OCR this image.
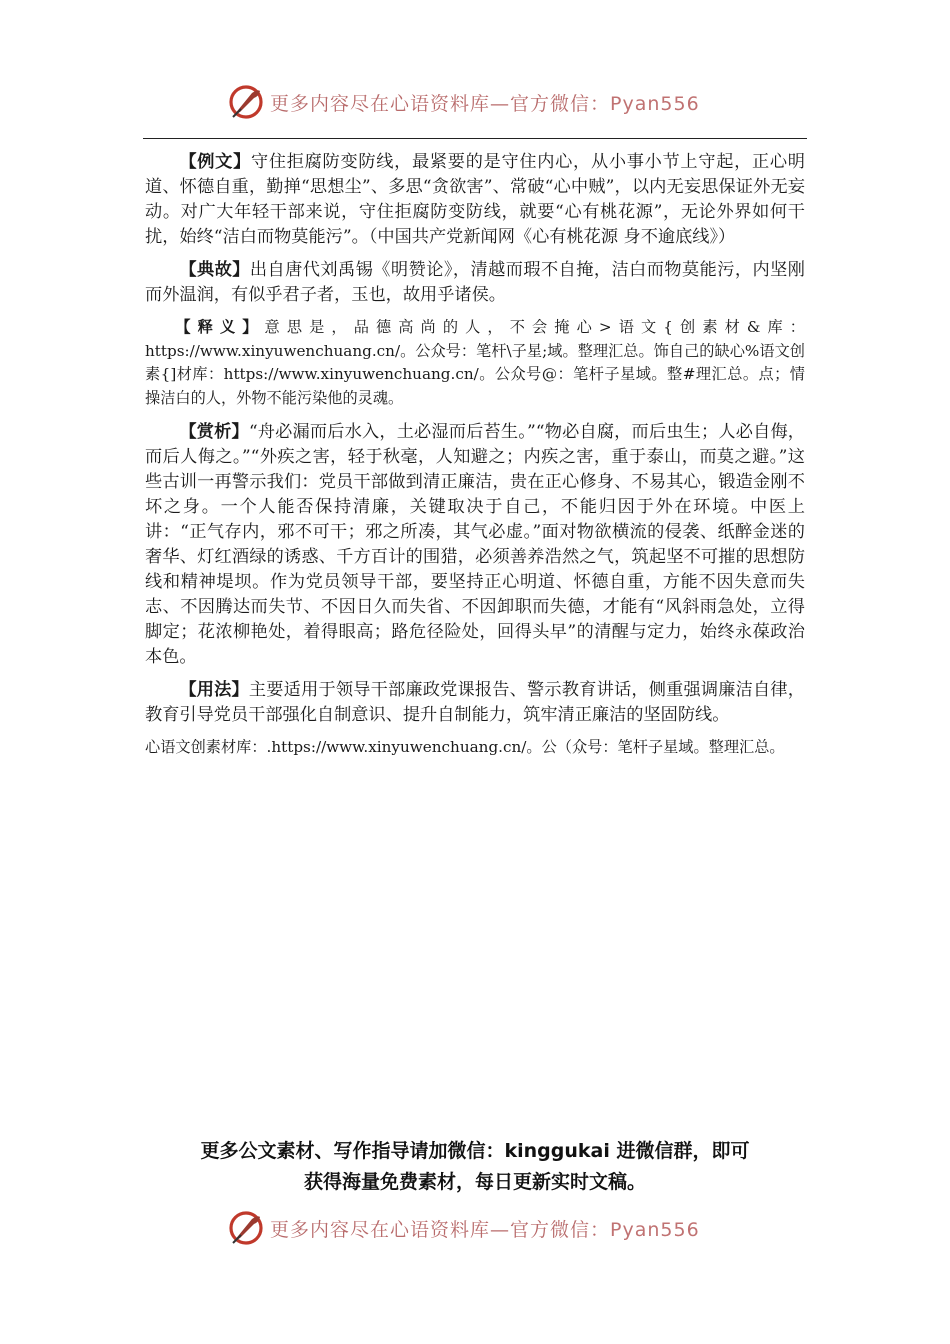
更多内容尽在心语资料库—官方微信：Pyan556

【例文】守住拒腐防变防线，最紧要的是守住内心，从小事小节上守起，正心明道、怀德自重，勤掸“思想尘”、多思“贪欲害”、常破“心中贼”，以内无妄思保证外无妄动。对广大年轻干部来说，守住拒腐防变防线，就要“心有桃花源”，无论外界如何干扰，始终“洁白而物莫能污”。（中国共产党新闻网《心有桃花源 身不逾底线》）

【典故】出自唐代刘禹锡《明赞论》，清越而瑕不自掩，洁白而物莫能污，内坚刚而外温润，有似乎君子者，玉也，故用乎诸侯。

【释义】意思是，品德高尚的人，不会掩心>语文{创素材&库：https://www.xinyuwenchuang.cn/。公众号：笔杆\子星;域。整理汇总。饰自己的缺心%语文创素{]材库：https://www.xinyuwenchuang.cn/。公众号@：笔杆子星域。整#理汇总。点；情操洁白的人，外物不能污染他的灵魂。

【赏析】“舟必漏而后水入，土必湿而后苔生。”“物必自腐，而后虫生；人必自侮，而后人侮之。”“外疾之害，轻于秋毫，人知避之；内疾之害，重于泰山，而莫之避。”这些古训一再警示我们：党员干部做到清正廉洁，贵在正心修身、不易其心，锻造金刚不坏之身。一个人能否保持清廉，关键取决于自己，不能归因于外在环境。中医上讲：“正气存内，邪不可干；邪之所凑，其气必虚。”面对物欲横流的侵袭、纸醉金迷的奢华、灯红酒绿的诱惑、千方百计的围猎，必须善养浩然之气，筑起坚不可摧的思想防线和精神堤坝。作为党员领导干部，要坚持正心明道、怀德自重，方能不因失意而失志、不因腾达而失节、不因日久而失省、不因卸职而失德，才能有“风斜雨急处，立得脚定；花浓柳艳处，着得眼高；路危径险处，回得头早”的清醒与定力，始终永葆政治本色。

【用法】主要适用于领导干部廉政党课报告、警示教育讲话，侧重强调廉洁自律，教育引导党员干部强化自制意识、提升自制能力，筑牢清正廉洁的坚固防线。

心语文创素材库：.https://www.xinyuwenchuang.cn/。公（众号：笔杆子星域。整理汇总。

更多公文素材、写作指导请加微信：kinggukai 进微信群，即可
获得海量免费素材，每日更新实时文稿。
更多内容尽在心语资料库—官方微信：Pyan556
